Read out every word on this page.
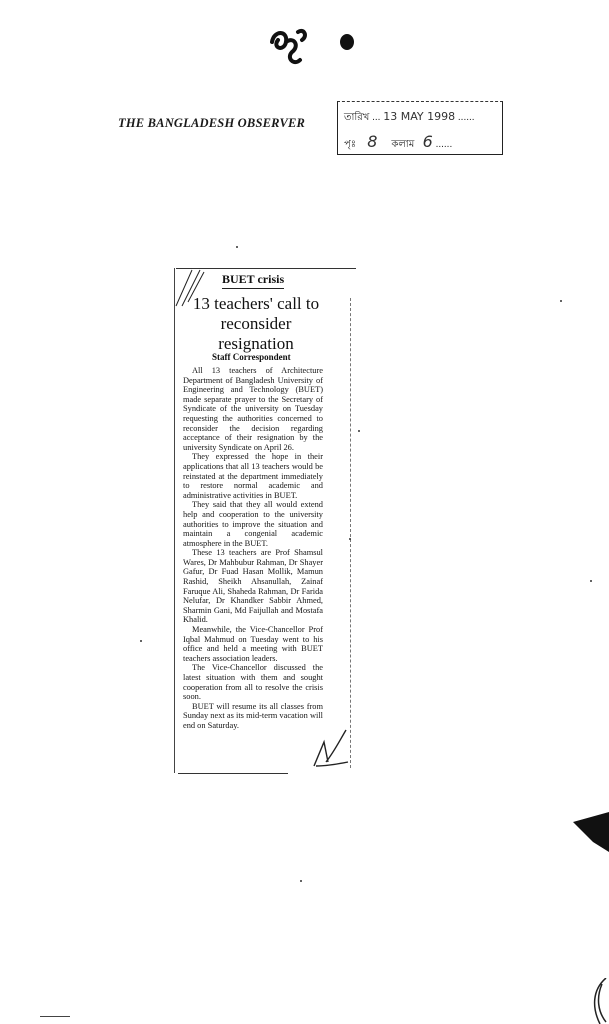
THE BANGLADESH OBSERVER	তারিখ ... 13 MAY 1998 ......
পৃঃ 8 কলাম 6 ......
BUET crisis
13 teachers' call to reconsider resignation
Staff Correspondent

All 13 teachers of Architecture Department of Bangladesh University of Engineering and Technology (BUET) made separate prayer to the Secretary of Syndicate of the university on Tuesday requesting the authorities concerned to reconsider the decision regarding acceptance of their resignation by the university Syndicate on April 26.

They expressed the hope in their applications that all 13 teachers would be reinstated at the department immediately to restore normal academic and administrative activities in BUET.

They said that they all would extend help and cooperation to the university authorities to improve the situation and maintain a congenial academic atmosphere in the BUET.

These 13 teachers are Prof Shamsul Wares, Dr Mahbubur Rahman, Dr Shayer Gafur, Dr Fuad Hasan Mollik, Mamun Rashid, Sheikh Ahsanullah, Zainaf Faruque Ali, Shaheda Rahman, Dr Farida Nelufar, Dr Khandker Sabbir Ahmed, Sharmin Gani, Md Faijullah and Mostafa Khalid.

Meanwhile, the Vice-Chancellor Prof Iqbal Mahmud on Tuesday went to his office and held a meeting with BUET teachers association leaders.

The Vice-Chancellor discussed the latest situation with them and sought cooperation from all to resolve the crisis soon.

BUET will resume its all classes from Sunday next as its mid-term vacation will end on Saturday.
